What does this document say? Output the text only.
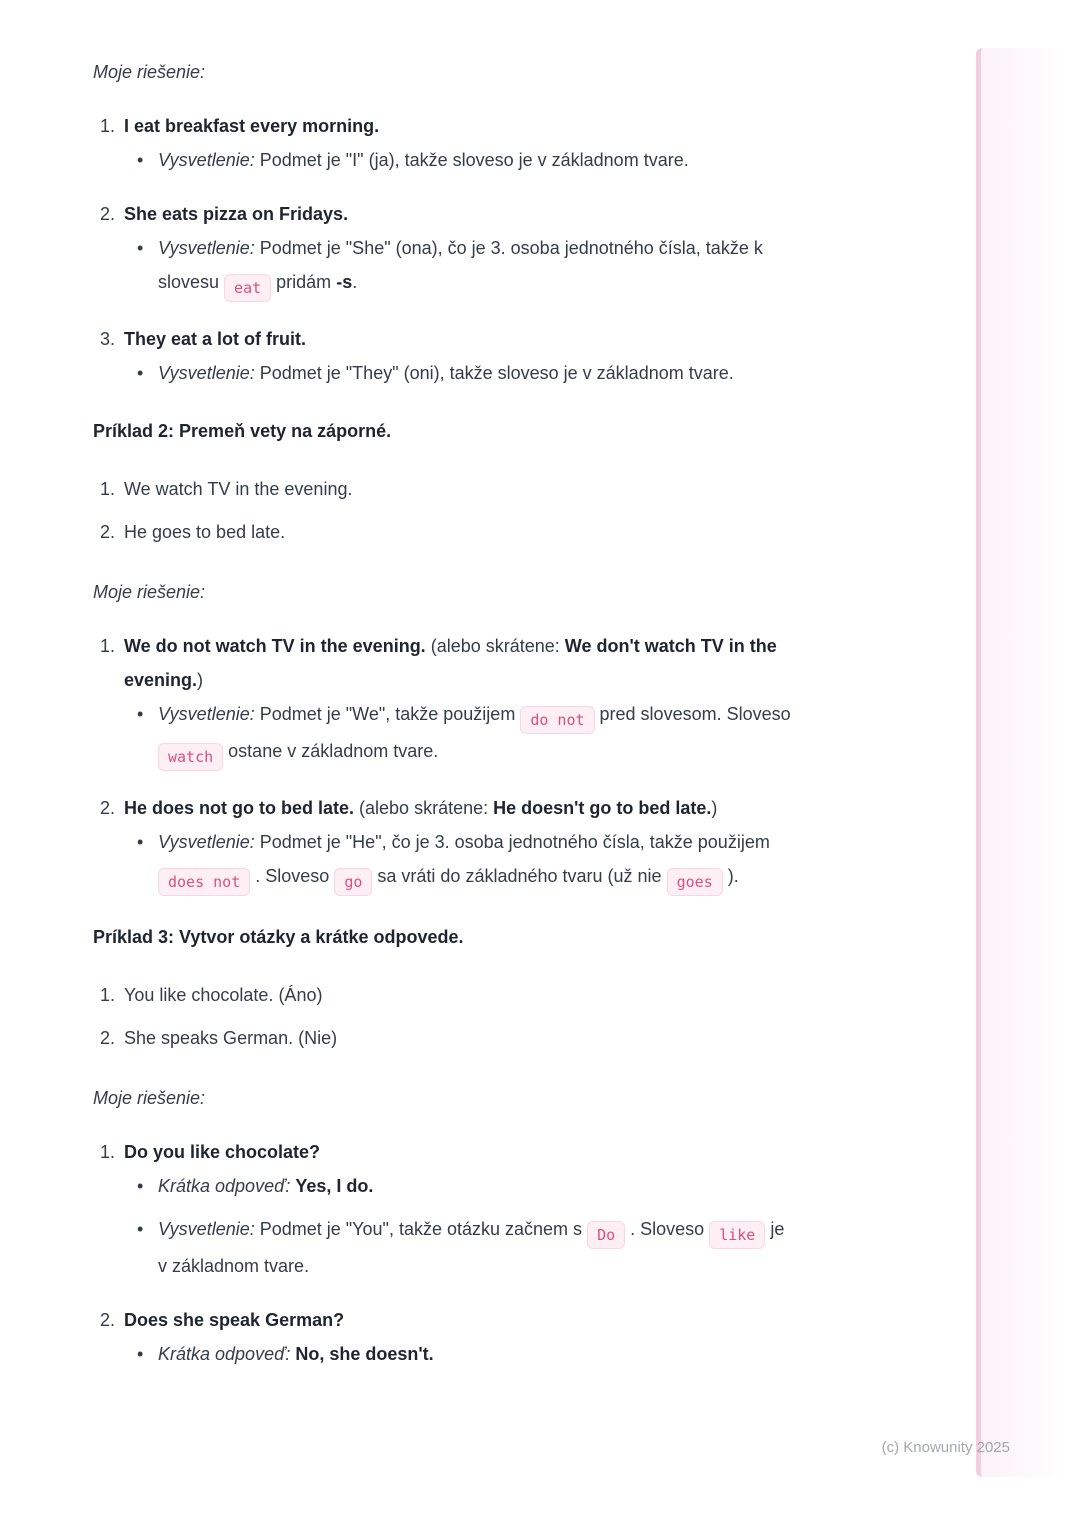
Moje riešenie:

1. I eat breakfast every morning.
• Vysvetlenie: Podmet je "I" (ja), takže sloveso je v základnom tvare.
2. She eats pizza on Fridays.
• Vysvetlenie: Podmet je "She" (ona), čo je 3. osoba jednotného čísla, takže k slovesu eat pridám -s.
3. They eat a lot of fruit.
• Vysvetlenie: Podmet je "They" (oni), takže sloveso je v základnom tvare.

Príklad 2: Premeň vety na záporné.

1. We watch TV in the evening.
2. He goes to bed late.

Moje riešenie:

1. We do not watch TV in the evening. (alebo skrátene: We don't watch TV in the evening.)
• Vysvetlenie: Podmet je "We", takže použijem do not pred slovesom. Sloveso watch ostane v základnom tvare.
2. He does not go to bed late. (alebo skrátene: He doesn't go to bed late.)
• Vysvetlenie: Podmet je "He", čo je 3. osoba jednotného čísla, takže použijem does not . Sloveso go sa vráti do základného tvaru (už nie goes ).

Príklad 3: Vytvor otázky a krátke odpovede.

1. You like chocolate. (Áno)
2. She speaks German. (Nie)

Moje riešenie:

1. Do you like chocolate?
• Krátka odpoveď: Yes, I do.
• Vysvetlenie: Podmet je "You", takže otázku začnem s Do . Sloveso like je v základnom tvare.
2. Does she speak German?
• Krátka odpoveď: No, she doesn't.
(c) Knowunity 2025
